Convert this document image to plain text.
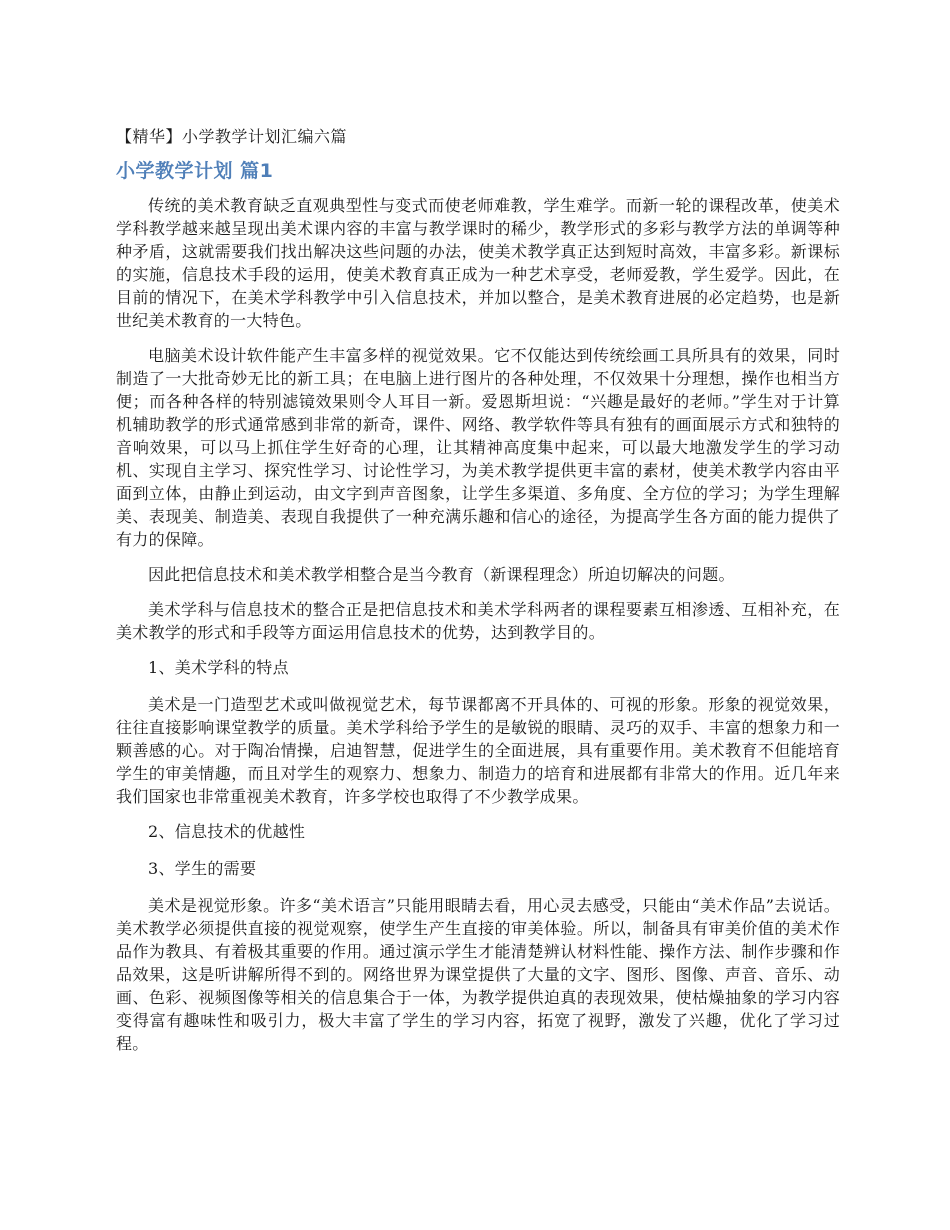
【精华】小学教学计划汇编六篇
小学教学计划 篇1

传统的美术教育缺乏直观典型性与变式而使老师难教，学生难学。而新一轮的课程改革，使美术学科教学越来越呈现出美术课内容的丰富与教学课时的稀少，教学形式的多彩与教学方法的单调等种种矛盾，这就需要我们找出解决这些问题的办法，使美术教学真正达到短时高效，丰富多彩。新课标的实施，信息技术手段的运用，使美术教育真正成为一种艺术享受，老师爱教，学生爱学。因此，在目前的情况下，在美术学科教学中引入信息技术，并加以整合，是美术教育进展的必定趋势，也是新世纪美术教育的一大特色。

电脑美术设计软件能产生丰富多样的视觉效果。它不仅能达到传统绘画工具所具有的效果，同时制造了一大批奇妙无比的新工具；在电脑上进行图片的各种处理，不仅效果十分理想，操作也相当方便；而各种各样的特别滤镜效果则令人耳目一新。爱恩斯坦说：“兴趣是最好的老师。”学生对于计算机辅助教学的形式通常感到非常的新奇，课件、网络、教学软件等具有独有的画面展示方式和独特的音响效果，可以马上抓住学生好奇的心理，让其精神高度集中起来，可以最大地激发学生的学习动机、实现自主学习、探究性学习、讨论性学习，为美术教学提供更丰富的素材，使美术教学内容由平面到立体，由静止到运动，由文字到声音图象，让学生多渠道、多角度、全方位的学习；为学生理解美、表现美、制造美、表现自我提供了一种充满乐趣和信心的途径，为提高学生各方面的能力提供了有力的保障。

因此把信息技术和美术教学相整合是当今教育（新课程理念）所迫切解决的问题。

美术学科与信息技术的整合正是把信息技术和美术学科两者的课程要素互相渗透、互相补充，在美术教学的形式和手段等方面运用信息技术的优势，达到教学目的。

1、美术学科的特点

美术是一门造型艺术或叫做视觉艺术，每节课都离不开具体的、可视的形象。形象的视觉效果，往往直接影响课堂教学的质量。美术学科给予学生的是敏锐的眼睛、灵巧的双手、丰富的想象力和一颗善感的心。对于陶冶情操，启迪智慧，促进学生的全面进展，具有重要作用。美术教育不但能培育学生的审美情趣，而且对学生的观察力、想象力、制造力的培育和进展都有非常大的作用。近几年来我们国家也非常重视美术教育，许多学校也取得了不少教学成果。

2、信息技术的优越性

3、学生的需要

美术是视觉形象。许多“美术语言”只能用眼睛去看，用心灵去感受，只能由“美术作品”去说话。美术教学必须提供直接的视觉观察，使学生产生直接的审美体验。所以，制备具有审美价值的美术作品作为教具、有着极其重要的作用。通过演示学生才能清楚辨认材料性能、操作方法、制作步骤和作品效果，这是听讲解所得不到的。网络世界为课堂提供了大量的文字、图形、图像、声音、音乐、动画、色彩、视频图像等相关的信息集合于一体，为教学提供迫真的表现效果，使枯燥抽象的学习内容变得富有趣味性和吸引力，极大丰富了学生的学习内容，拓宽了视野，激发了兴趣，优化了学习过程。
